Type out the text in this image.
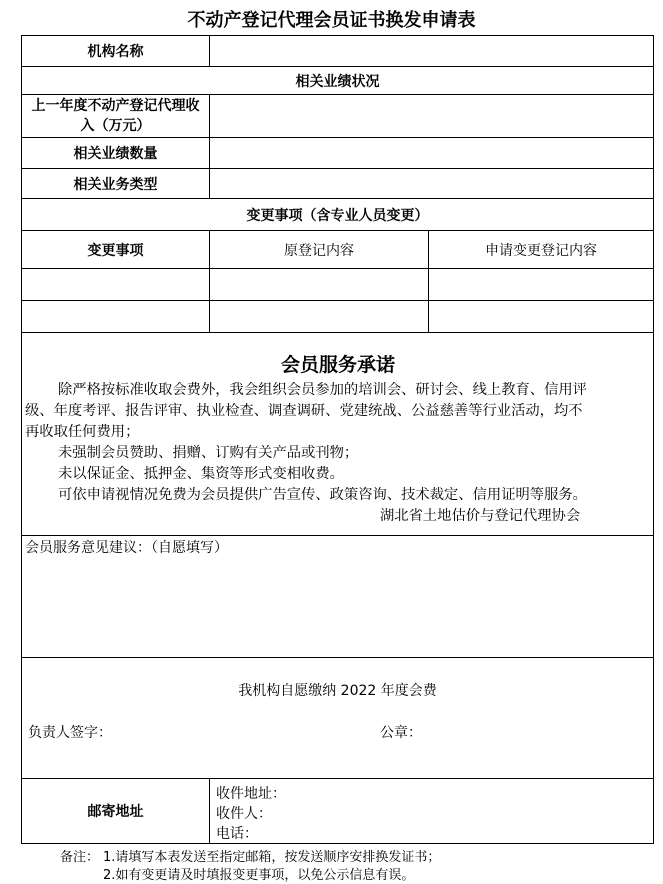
不动产登记代理会员证书换发申请表
机构名称
相关业绩状况
上一年度不动产登记代理收
入（万元）
相关业绩数量
相关业务类型
变更事项（含专业人员变更）
变更事项	原登记内容	申请变更登记内容
会员服务承诺
除严格按标准收取会费外，我会组织会员参加的培训会、研讨会、线上教育、信用评
级、年度考评、报告评审、执业检查、调查调研、党建统战、公益慈善等行业活动，均不
再收取任何费用；
未强制会员赞助、捐赠、订购有关产品或刊物；
未以保证金、抵押金、集资等形式变相收费。
可依申请视情况免费为会员提供广告宣传、政策咨询、技术裁定、信用证明等服务。
湖北省土地估价与登记代理协会
会员服务意见建议：（自愿填写）
我机构自愿缴纳 2022 年度会费
负责人签字：	公章：
邮寄地址
收件地址：
收件人：
电话：
备注： 1.请填写本表发送至指定邮箱，按发送顺序安排换发证书；
2.如有变更请及时填报变更事项，以免公示信息有误。
